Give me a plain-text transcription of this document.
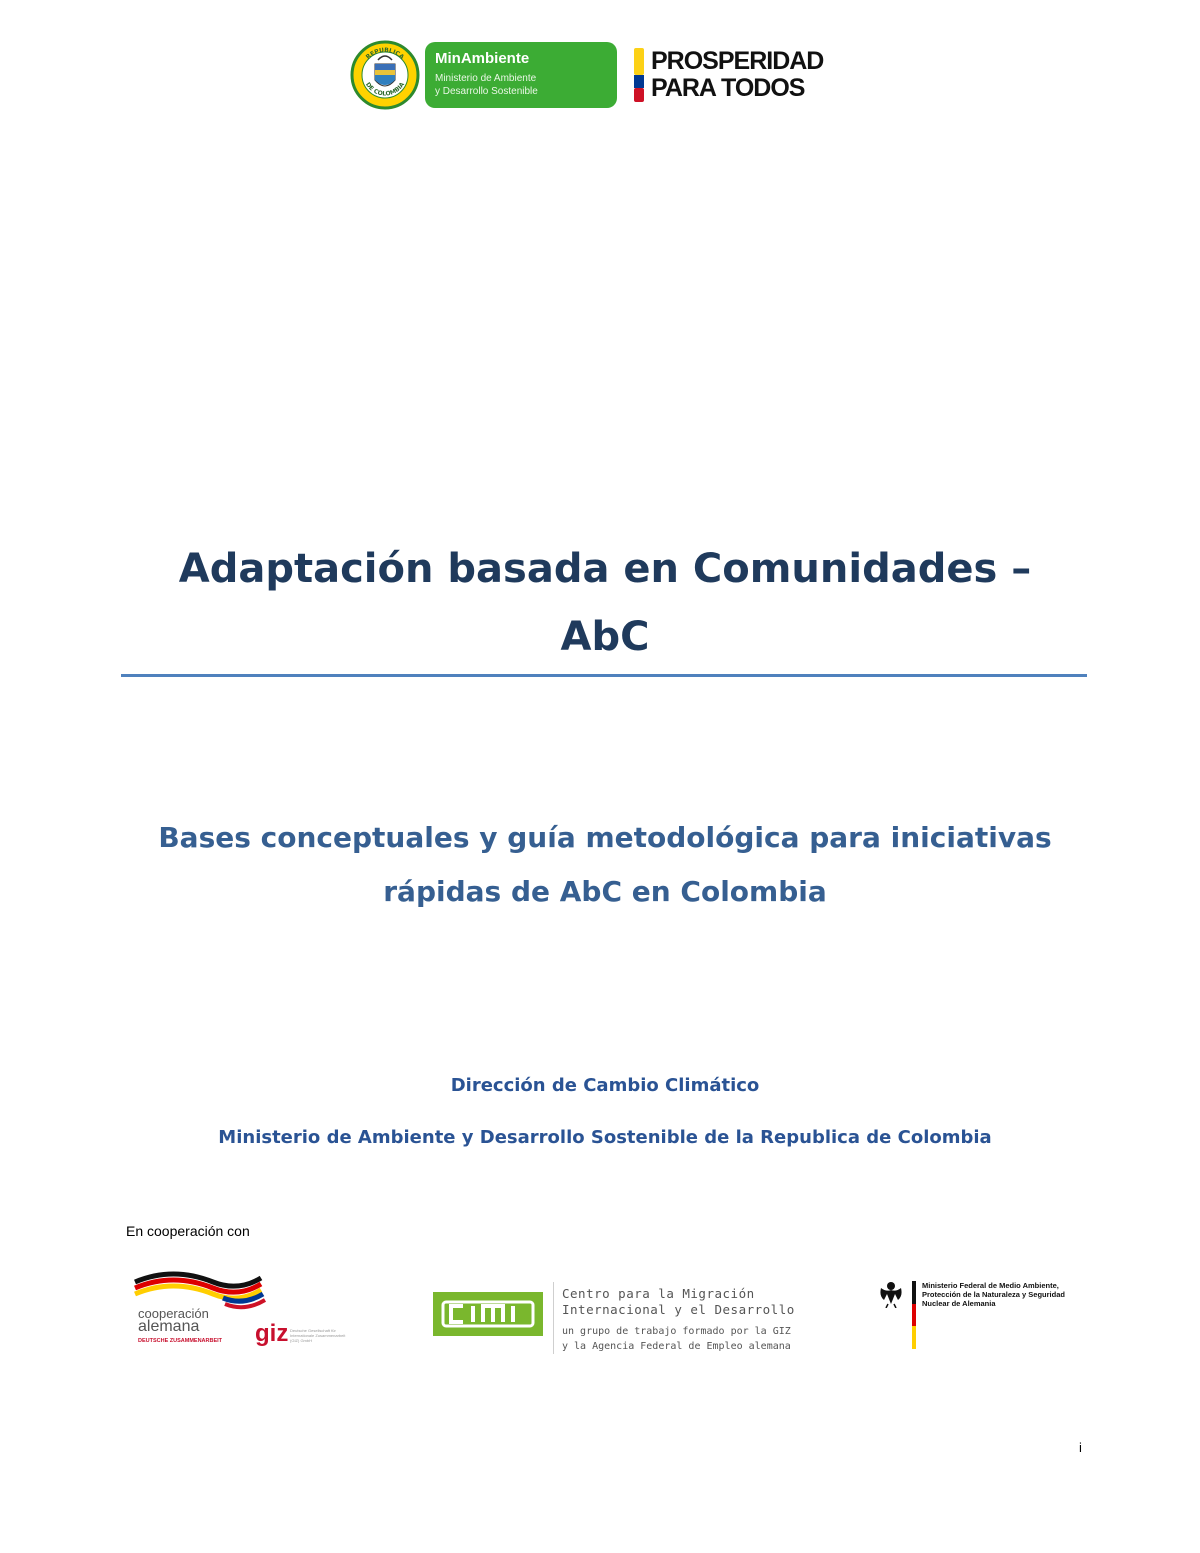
REPUBLICA
DE COLOMBIA
MinAmbiente
Ministerio de Ambiente
y Desarrollo Sostenible
PROSPERIDAD
PARA TODOS
Adaptación basada en Comunidades –
AbC
Bases conceptuales y guía metodológica para iniciativas
rápidas de AbC en Colombia
Dirección de Cambio Climático
Ministerio de Ambiente y Desarrollo Sostenible de la Republica de Colombia
En cooperación con
cooperación
alemana
DEUTSCHE ZUSAMMENARBEIT giz Deutsche Gesellschaft für Internationale Zusammenarbeit (GIZ) GmbH
Centro para la Migración
Internacional y el Desarrollo
un grupo de trabajo formado por la GIZ
y la Agencia Federal de Empleo alemana
Ministerio Federal de Medio Ambiente, Protección de la Naturaleza y Seguridad Nuclear de Alemania
i
